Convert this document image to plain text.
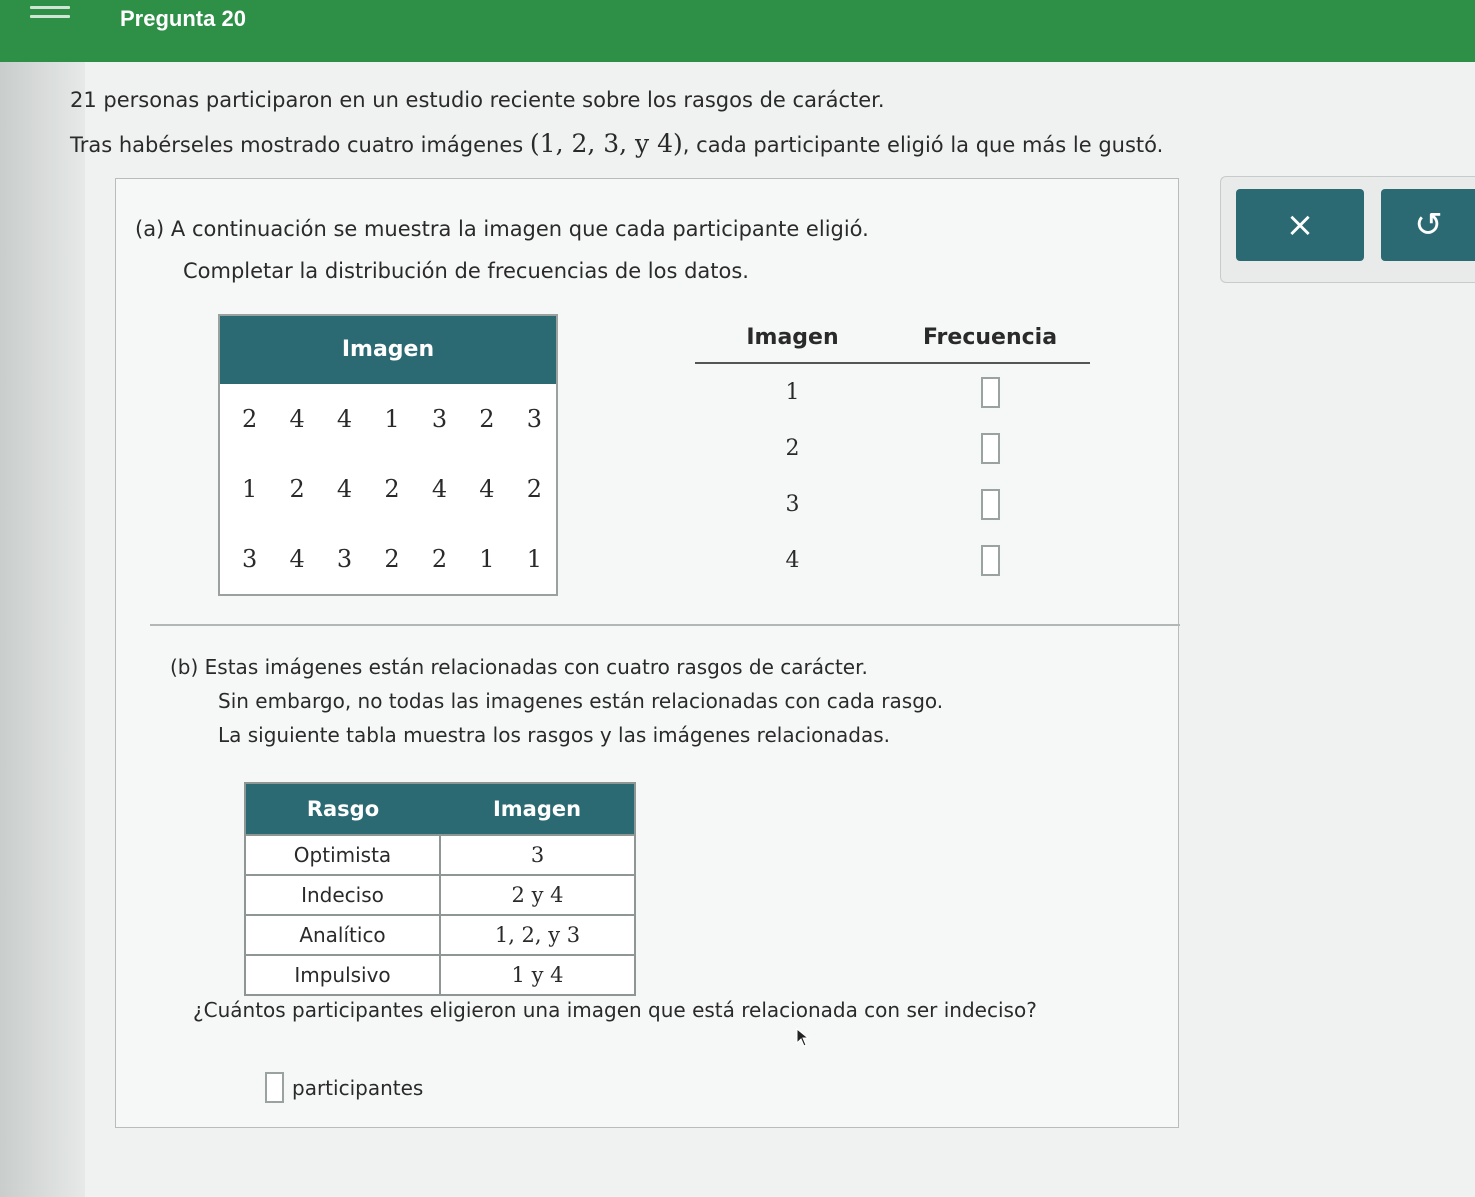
Pregunta 20
21 personas participaron en un estudio reciente sobre los rasgos de carácter.
Tras habérseles mostrado cuatro imágenes (1, 2, 3, y 4), cada participante eligió la que más le gustó.
×	↺
(a) A continuación se muestra la imagen que cada participante eligió.
Completar la distribución de frecuencias de los datos.
Imagen
2 4 4 1 3 2 3
1 2 4 2 4 4 2
3 4 3 2 2 1 1
Imagen	Frecuencia
1
2
3
4
(b) Estas imágenes están relacionadas con cuatro rasgos de carácter.
Sin embargo, no todas las imagenes están relacionadas con cada rasgo.
La siguiente tabla muestra los rasgos y las imágenes relacionadas.
Rasgo	Imagen
Optimista	3
Indeciso	2 y 4
Analítico	1, 2, y 3
Impulsivo	1 y 4
¿Cuántos participantes eligieron una imagen que está relacionada con ser indeciso?
participantes
